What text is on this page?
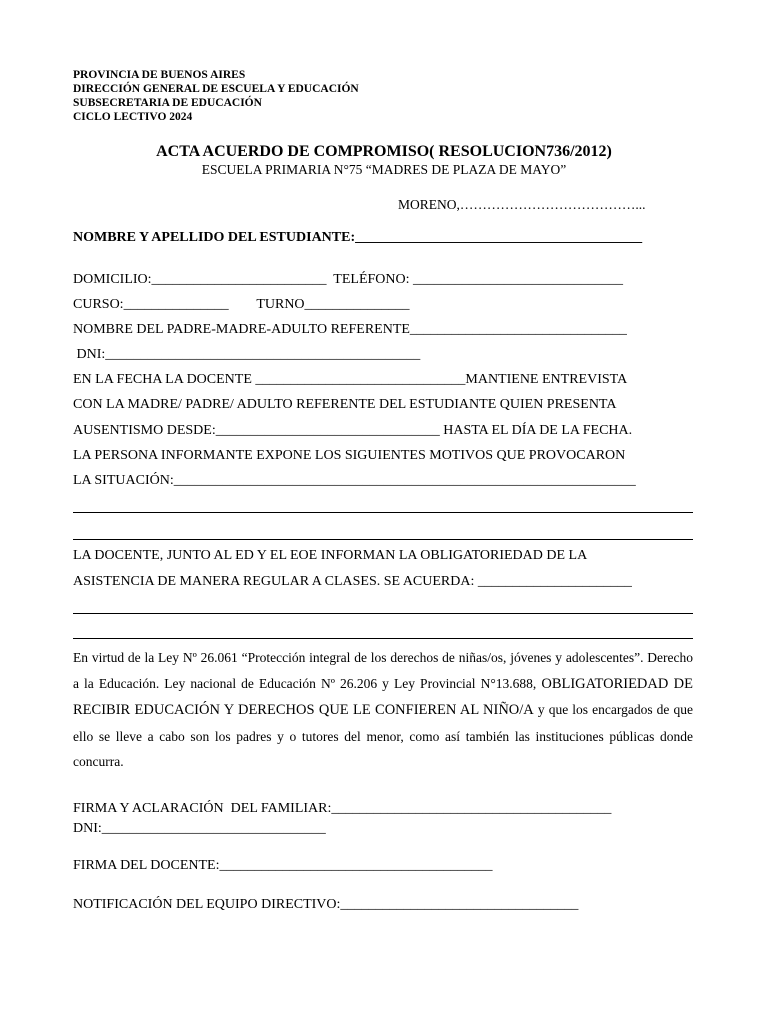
PROVINCIA DE BUENOS AIRES
DIRECCIÓN GENERAL DE ESCUELA Y EDUCACIÓN
SUBSECRETARIA DE EDUCACIÓN
CICLO LECTIVO 2024
ACTA ACUERDO DE COMPROMISO( RESOLUCION736/2012)
ESCUELA PRIMARIA N°75 “MADRES DE PLAZA DE MAYO”
MORENO,…………………………………...
NOMBRE Y APELLIDO DEL ESTUDIANTE:_________________________________________
DOMICILIO:_________________________  TELÉFONO: ______________________________
CURSO:_______________        TURNO_______________
NOMBRE DEL PADRE-MADRE-ADULTO REFERENTE_______________________________
DNI:_____________________________________________
EN LA FECHA LA DOCENTE ______________________________MANTIENE ENTREVISTA
CON LA MADRE/ PADRE/ ADULTO REFERENTE DEL ESTUDIANTE QUIEN PRESENTA
AUSENTISMO DESDE:________________________________ HASTA EL DÍA DE LA FECHA.
LA PERSONA INFORMANTE EXPONE LOS SIGUIENTES MOTIVOS QUE PROVOCARON
LA SITUACIÓN:__________________________________________________________________
LA DOCENTE, JUNTO AL ED Y EL EOE INFORMAN LA OBLIGATORIEDAD DE LA
ASISTENCIA DE MANERA REGULAR A CLASES. SE ACUERDA: ______________________
En virtud de la Ley Nº 26.061 “Protección integral de los derechos de niñas/os, jóvenes y adolescentes”. Derecho a la Educación. Ley nacional de Educación Nº 26.206 y Ley Provincial N°13.688, OBLIGATORIEDAD DE RECIBIR EDUCACIÓN Y DERECHOS QUE LE CONFIEREN AL NIÑO/A y que los encargados de que ello se lleve a cabo son los padres y o tutores del menor, como así también las instituciones públicas donde concurra.
FIRMA Y ACLARACIÓN  DEL FAMILIAR:________________________________________
DNI:________________________________
FIRMA DEL DOCENTE:_______________________________________
NOTIFICACIÓN DEL EQUIPO DIRECTIVO:__________________________________
